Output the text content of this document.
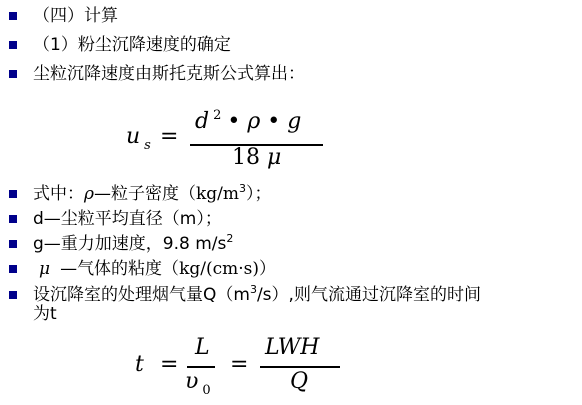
（四）计算
（1）粉尘沉降速度的确定
尘粒沉降速度由斯托克斯公式算出：
u $_s$ =
d $^2$ • ρ • g
18 μ
式中：ρ—粒子密度$(kg/m^3)$；
d—尘粒平均直径（m）；
g—重力加速度，9.8 $m/s^2$
μ —气体的粘度（kg/(cm·s)）
设沉降室的处理烟气量$Q(m^3/s)$,则气流通过沉降室的时间
为t
t =
L
υ $_0$
=
LWH
Q
